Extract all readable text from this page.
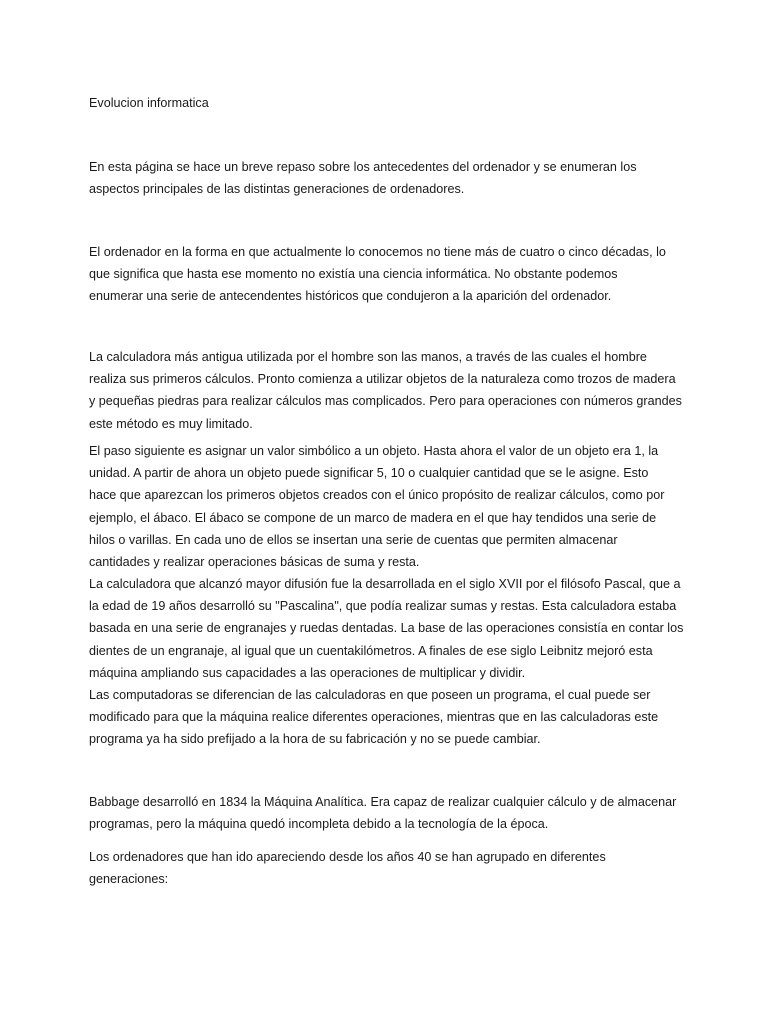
Evolucion informatica
En esta página se hace un breve repaso sobre los antecedentes del ordenador y se enumeran los
aspectos principales de las distintas generaciones de ordenadores.
El ordenador en la forma en que actualmente lo conocemos no tiene más de cuatro o cinco décadas, lo
que significa que hasta ese momento no existía una ciencia informática. No obstante podemos
enumerar una serie de antecendentes históricos que condujeron a la aparición del ordenador.
La calculadora más antigua utilizada por el hombre son las manos, a través de las cuales el hombre
realiza sus primeros cálculos. Pronto comienza a utilizar objetos de la naturaleza como trozos de madera
y pequeñas piedras para realizar cálculos mas complicados. Pero para operaciones con números grandes
este método es muy limitado.
El paso siguiente es asignar un valor simbólico a un objeto. Hasta ahora el valor de un objeto era 1, la
unidad. A partir de ahora un objeto puede significar 5, 10 o cualquier cantidad que se le asigne. Esto
hace que aparezcan los primeros objetos creados con el único propósito de realizar cálculos, como por
ejemplo, el ábaco. El ábaco se compone de un marco de madera en el que hay tendidos una serie de
hilos o varillas. En cada uno de ellos se insertan una serie de cuentas que permiten almacenar
cantidades y realizar operaciones básicas de suma y resta.
La calculadora que alcanzó mayor difusión fue la desarrollada en el siglo XVII por el filósofo Pascal, que a
la edad de 19 años desarrolló su "Pascalina", que podía realizar sumas y restas. Esta calculadora estaba
basada en una serie de engranajes y ruedas dentadas. La base de las operaciones consistía en contar los
dientes de un engranaje, al igual que un cuentakilómetros. A finales de ese siglo Leibnitz mejoró esta
máquina ampliando sus capacidades a las operaciones de multiplicar y dividir.
Las computadoras se diferencian de las calculadoras en que poseen un programa, el cual puede ser
modificado para que la máquina realice diferentes operaciones, mientras que en las calculadoras este
programa ya ha sido prefijado a la hora de su fabricación y no se puede cambiar.
Babbage desarrolló en 1834 la Máquina Analítica. Era capaz de realizar cualquier cálculo y de almacenar
programas, pero la máquina quedó incompleta debido a la tecnología de la época.
Los ordenadores que han ido apareciendo desde los años 40 se han agrupado en diferentes
generaciones:
